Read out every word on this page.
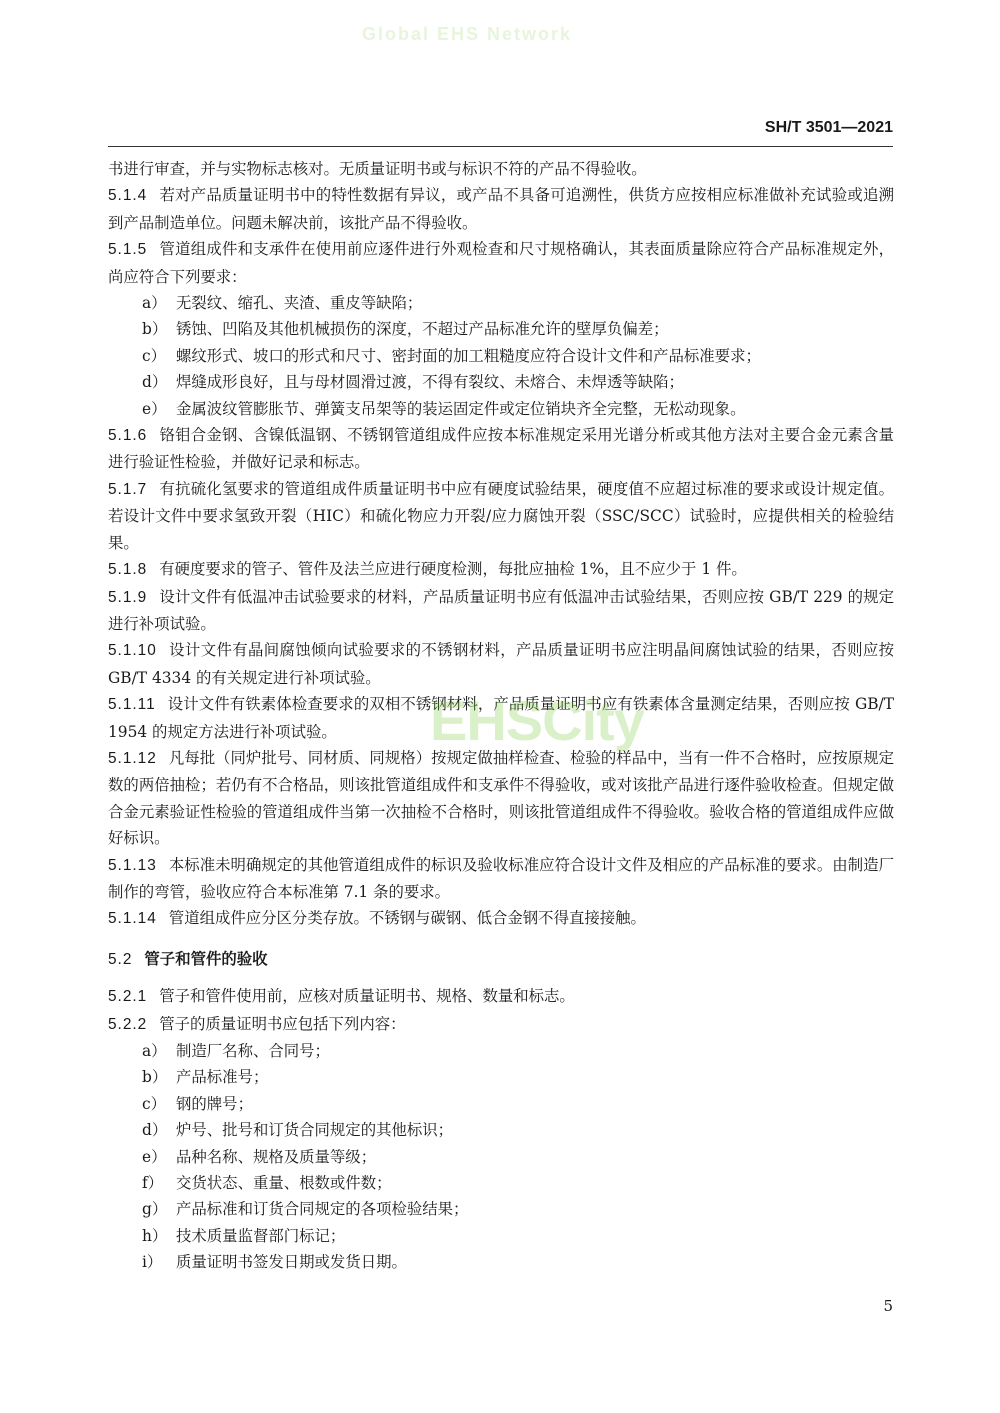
Global EHS Network
SH/T 3501—2021

书进行审查，并与实物标志核对。无质量证明书或与标识不符的产品不得验收。

5.1.4 若对产品质量证明书中的特性数据有异议，或产品不具备可追溯性，供货方应按相应标准做补充试验或追溯到产品制造单位。问题未解决前，该批产品不得验收。

5.1.5 管道组成件和支承件在使用前应逐件进行外观检查和尺寸规格确认，其表面质量除应符合产品标准规定外，尚应符合下列要求：

a） 无裂纹、缩孔、夹渣、重皮等缺陷；

b） 锈蚀、凹陷及其他机械损伤的深度，不超过产品标准允许的壁厚负偏差；

c） 螺纹形式、坡口的形式和尺寸、密封面的加工粗糙度应符合设计文件和产品标准要求；

d） 焊缝成形良好，且与母材圆滑过渡，不得有裂纹、未熔合、未焊透等缺陷；

e） 金属波纹管膨胀节、弹簧支吊架等的装运固定件或定位销块齐全完整，无松动现象。

5.1.6 铬钼合金钢、含镍低温钢、不锈钢管道组成件应按本标准规定采用光谱分析或其他方法对主要合金元素含量进行验证性检验，并做好记录和标志。

5.1.7 有抗硫化氢要求的管道组成件质量证明书中应有硬度试验结果，硬度值不应超过标准的要求或设计规定值。若设计文件中要求氢致开裂（HIC）和硫化物应力开裂/应力腐蚀开裂（SSC/SCC）试验时，应提供相关的检验结果。

5.1.8 有硬度要求的管子、管件及法兰应进行硬度检测，每批应抽检 1%，且不应少于 1 件。

5.1.9 设计文件有低温冲击试验要求的材料，产品质量证明书应有低温冲击试验结果，否则应按 GB/T 229 的规定进行补项试验。

5.1.10 设计文件有晶间腐蚀倾向试验要求的不锈钢材料，产品质量证明书应注明晶间腐蚀试验的结果，否则应按 GB/T 4334 的有关规定进行补项试验。

5.1.11 设计文件有铁素体检查要求的双相不锈钢材料，产品质量证明书应有铁素体含量测定结果，否则应按 GB/T 1954 的规定方法进行补项试验。

5.1.12 凡每批（同炉批号、同材质、同规格）按规定做抽样检查、检验的样品中，当有一件不合格时，应按原规定数的两倍抽检；若仍有不合格品，则该批管道组成件和支承件不得验收，或对该批产品进行逐件验收检查。但规定做合金元素验证性检验的管道组成件当第一次抽检不合格时，则该批管道组成件不得验收。验收合格的管道组成件应做好标识。

5.1.13 本标准未明确规定的其他管道组成件的标识及验收标准应符合设计文件及相应的产品标准的要求。由制造厂制作的弯管，验收应符合本标准第 7.1 条的要求。

5.1.14 管道组成件应分区分类存放。不锈钢与碳钢、低合金钢不得直接接触。

5.2 管子和管件的验收

5.2.1 管子和管件使用前，应核对质量证明书、规格、数量和标志。

5.2.2 管子的质量证明书应包括下列内容：

a） 制造厂名称、合同号；

b） 产品标准号；

c） 钢的牌号；

d） 炉号、批号和订货合同规定的其他标识；

e） 品种名称、规格及质量等级；

f） 交货状态、重量、根数或件数；

g） 产品标准和订货合同规定的各项检验结果；

h） 技术质量监督部门标记；

i） 质量证明书签发日期或发货日期。

EHSCity
5
